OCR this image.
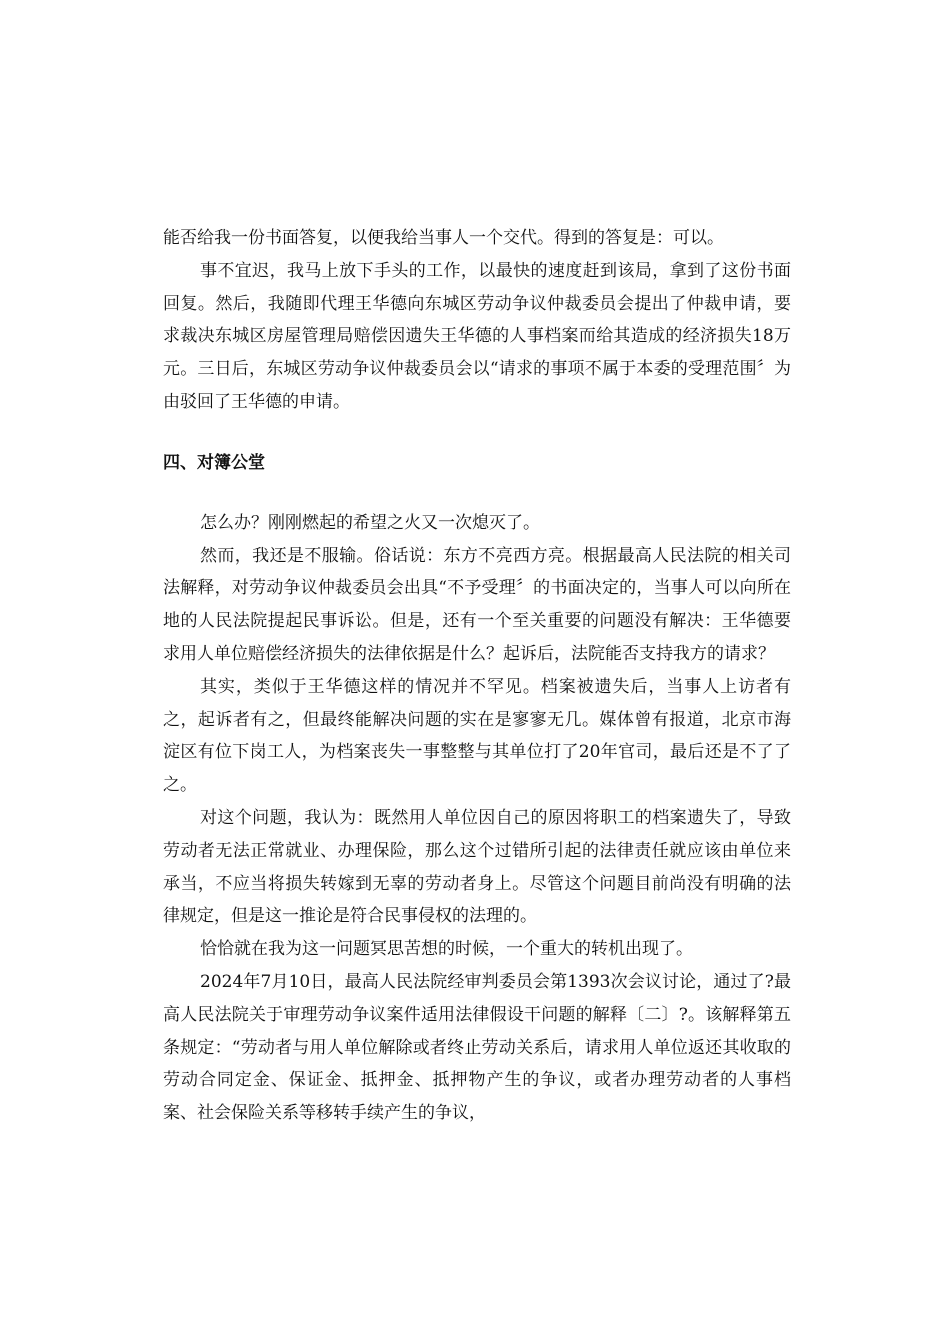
能否给我一份书面答复，以便我给当事人一个交代。得到的答复是：可以。

事不宜迟，我马上放下手头的工作，以最快的速度赶到该局，拿到了这份书面回复。然后，我随即代理王华德向东城区劳动争议仲裁委员会提出了仲裁申请，要求裁决东城区房屋管理局赔偿因遗失王华德的人事档案而给其造成的经济损失18万元。三日后，东城区劳动争议仲裁委员会以“请求的事项不属于本委的受理范围〞为由驳回了王华德的申请。

四、对簿公堂

怎么办？刚刚燃起的希望之火又一次熄灭了。

然而，我还是不服输。俗话说：东方不亮西方亮。根据最高人民法院的相关司法解释，对劳动争议仲裁委员会出具“不予受理〞的书面决定的，当事人可以向所在地的人民法院提起民事诉讼。但是，还有一个至关重要的问题没有解决：王华德要求用人单位赔偿经济损失的法律依据是什么？起诉后，法院能否支持我方的请求？

其实，类似于王华德这样的情况并不罕见。档案被遗失后，当事人上访者有之，起诉者有之，但最终能解决问题的实在是寥寥无几。媒体曾有报道，北京市海淀区有位下岗工人，为档案丧失一事整整与其单位打了20年官司，最后还是不了了之。

对这个问题，我认为：既然用人单位因自己的原因将职工的档案遗失了，导致劳动者无法正常就业、办理保险，那么这个过错所引起的法律责任就应该由单位来承当，不应当将损失转嫁到无辜的劳动者身上。尽管这个问题目前尚没有明确的法律规定，但是这一推论是符合民事侵权的法理的。

恰恰就在我为这一问题冥思苦想的时候，一个重大的转机出现了。

2024年7月10日，最高人民法院经审判委员会第1393次会议讨论，通过了?最高人民法院关于审理劳动争议案件适用法律假设干问题的解释〔二〕?。该解释第五条规定：“劳动者与用人单位解除或者终止劳动关系后，请求用人单位返还其收取的劳动合同定金、保证金、抵押金、抵押物产生的争议，或者办理劳动者的人事档案、社会保险关系等移转手续产生的争议，
